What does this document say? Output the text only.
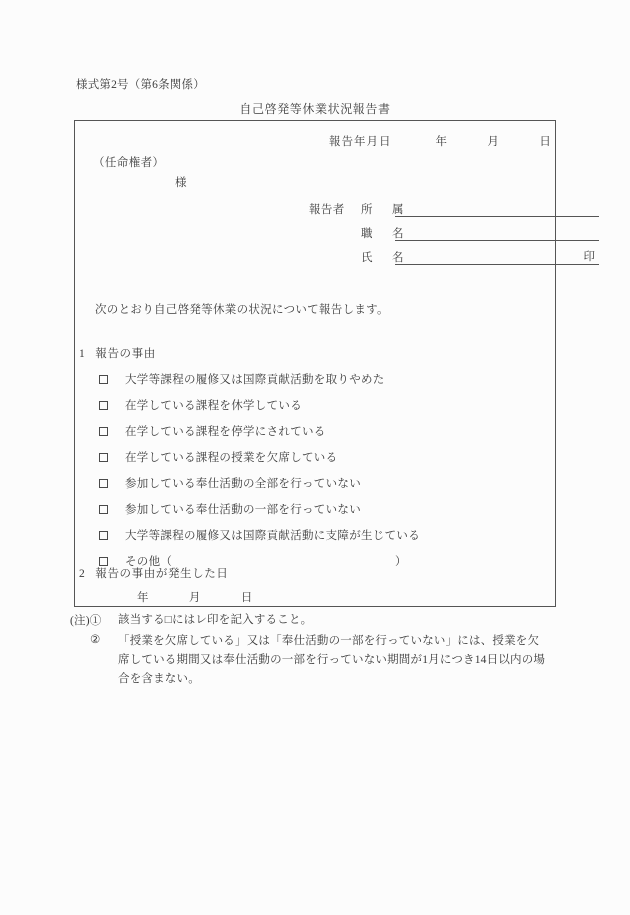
様式第2号（第6条関係）
自己啓発等休業状況報告書
報告年月日	年	月	日
（任命権者）
様
報告者	所　属
職　名
氏　名	印
次のとおり自己啓発等休業の状況について報告します。
1 報告の事由
大学等課程の履修又は国際貢献活動を取りやめた
在学している課程を休学している
在学している課程を停学にされている
在学している課程の授業を欠席している
参加している奉仕活動の全部を行っていない
参加している奉仕活動の一部を行っていない
大学等課程の履修又は国際貢献活動に支障が生じている
その他（	）
2 報告の事由が発生した日
年	月	日
(注)①	該当する□にはレ印を記入すること。
②	「授業を欠席している」又は「奉仕活動の一部を行っていない」には、授業を欠
席している期間又は奉仕活動の一部を行っていない期間が1月につき14日以内の場
合を含まない。
